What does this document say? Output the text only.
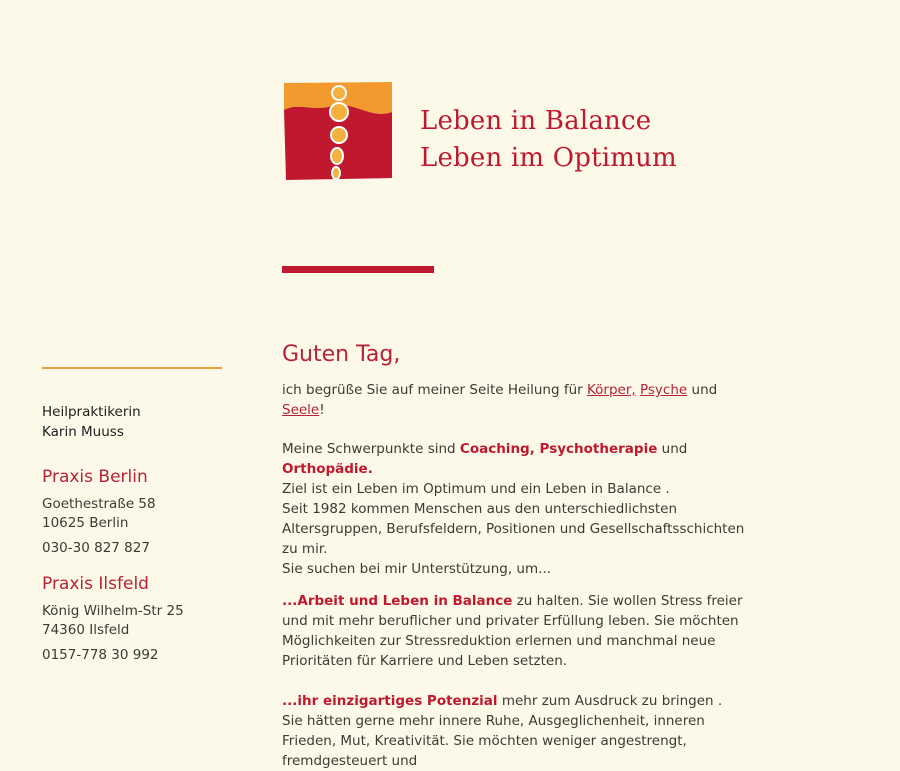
Leben in Balance
Leben im Optimum
Heilpraktikerin
Karin Muuss
Praxis Berlin
Goethestraße 58
10625 Berlin
030-30 827 827
Praxis Ilsfeld
König Wilhelm-Str 25
74360 Ilsfeld
0157-778 30 992
Guten Tag,

ich begrüße Sie auf meiner Seite Heilung für Körper, Psyche und Seele!

Meine Schwerpunkte sind Coaching, Psychotherapie und Orthopädie.
Ziel ist ein Leben im Optimum und ein Leben in Balance .
Seit 1982 kommen Menschen aus den unterschiedlichsten Altersgruppen, Berufsfeldern, Positionen und Gesellschaftsschichten zu mir.
Sie suchen bei mir Unterstützung, um...

...Arbeit und Leben in Balance zu halten. Sie wollen Stress freier und mit mehr beruflicher und privater Erfüllung leben. Sie möchten Möglichkeiten zur Stressreduktion erlernen und manchmal neue Prioritäten für Karriere und Leben setzten.

...ihr einzigartiges Potenzial mehr zum Ausdruck zu bringen . Sie hätten gerne mehr innere Ruhe, Ausgeglichenheit, inneren Frieden, Mut, Kreativität. Sie möchten weniger angestrengt, fremdgesteuert und
